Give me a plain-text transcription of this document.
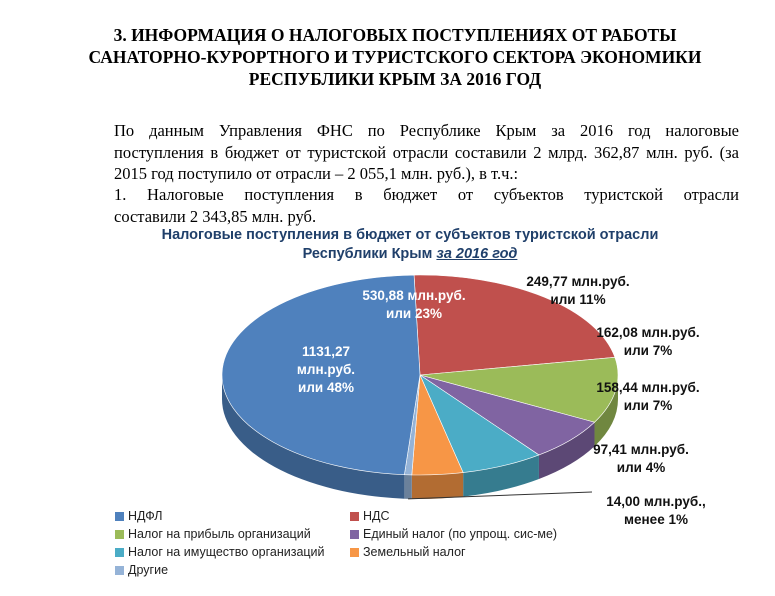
3. ИНФОРМАЦИЯ О НАЛОГОВЫХ ПОСТУПЛЕНИЯХ ОТ РАБОТЫ
САНАТОРНО-КУРОРТНОГО И ТУРИСТСКОГО СЕКТОРА ЭКОНОМИКИ
РЕСПУБЛИКИ КРЫМ ЗА 2016 ГОД
По данным Управления ФНС по Республике Крым за 2016 год налоговые
поступления в бюджет от туристской отрасли составили 2 млрд. 362,87 млн. руб. (за
2015 год поступило от отрасли – 2 055,1 млн. руб.), в т.ч.:
1. Налоговые поступления в бюджет от субъектов туристской отрасли
составили 2 343,85 млн. руб.
Налоговые поступления в бюджет от субъектов туристской отрасли
Республики Крым за 2016 год
530,88 млн.руб. или 23%
249,77 млн.руб. или 11%
162,08 млн.руб. или 7%
158,44 млн.руб. или 7%
97,41 млн.руб. или 4%
14,00 млн.руб., менее 1%
1131,27 млн.руб. или 48%
НДФЛ	НДС
Налог на прибыль организаций	Единый налог (по упрощ. сис-ме)
Налог на имущество организаций	Земельный налог
Другие
